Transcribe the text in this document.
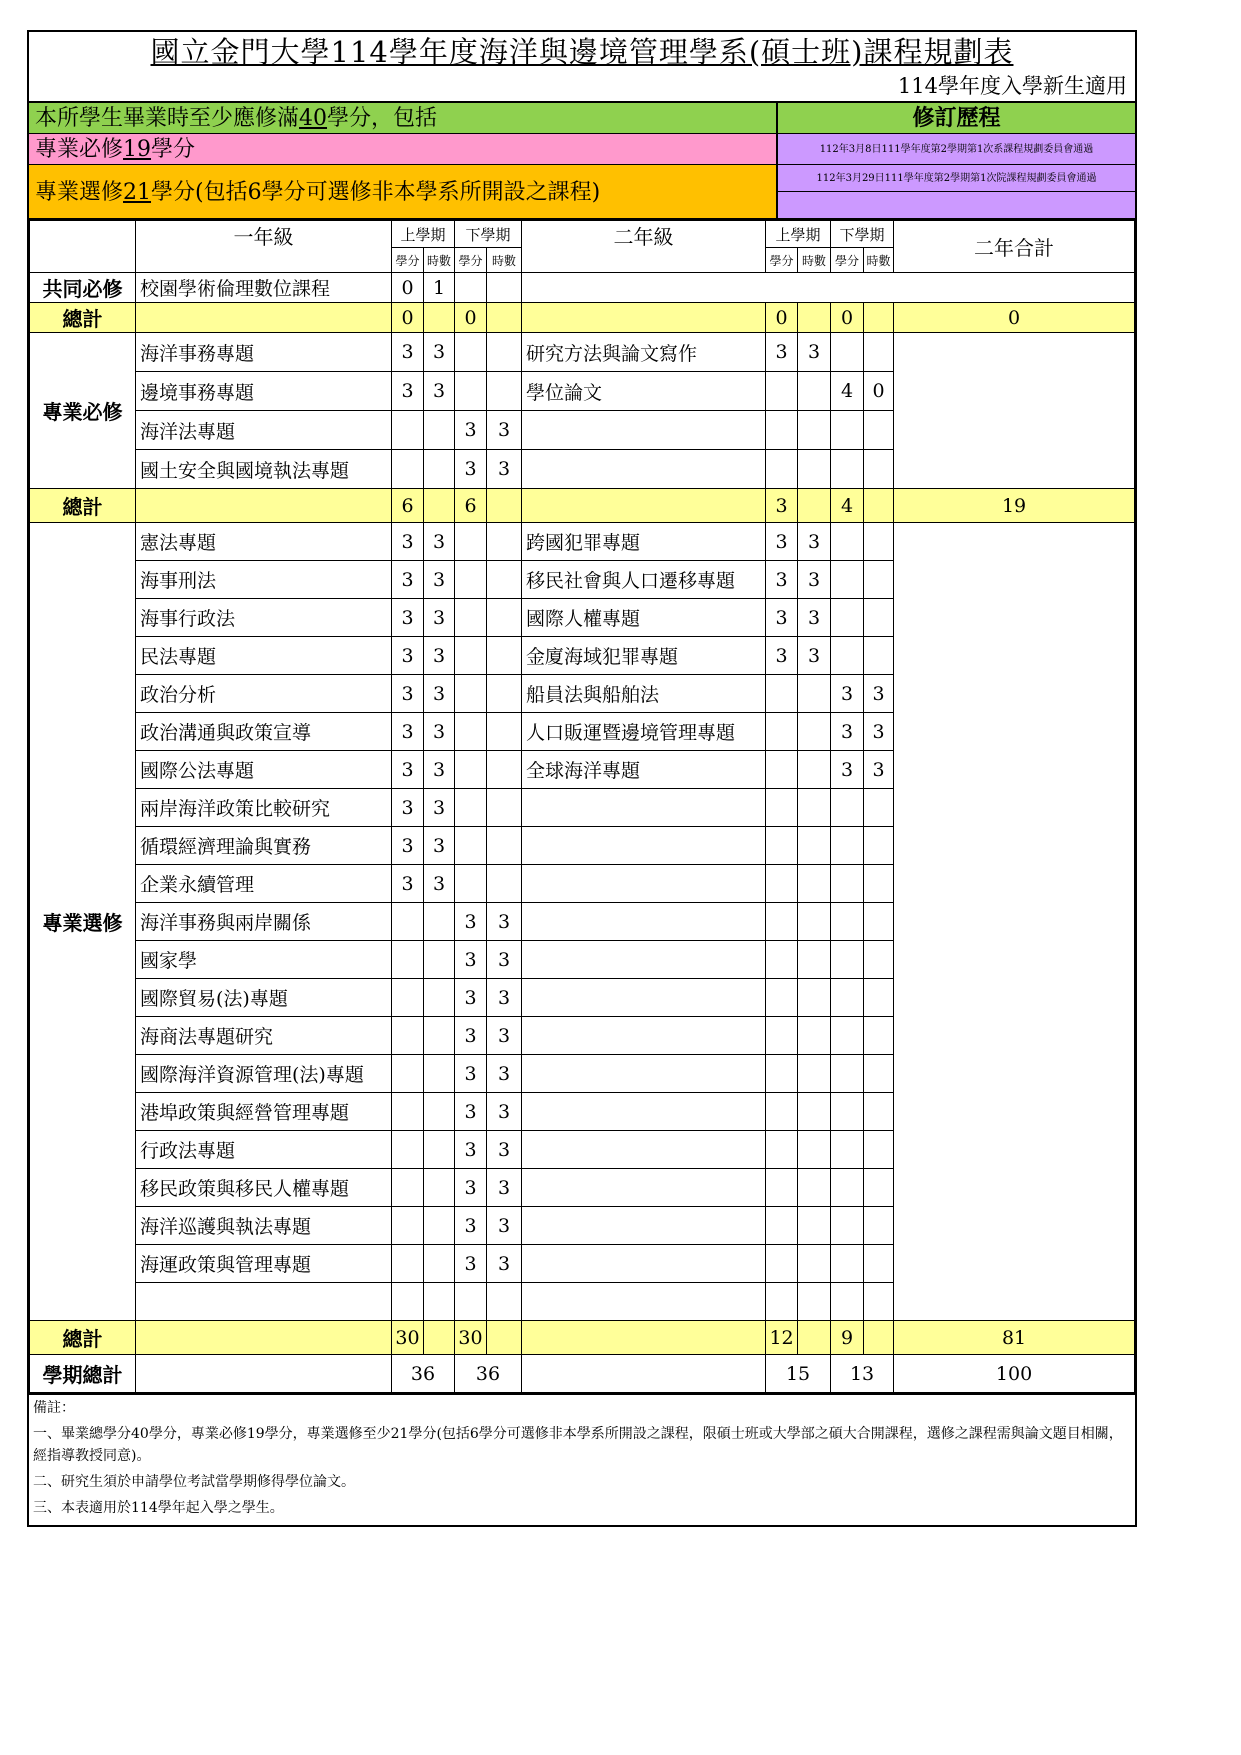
國立金門大學114學年度海洋與邊境管理學系(碩士班)課程規劃表
114學年度入學新生適用
本所學生畢業時至少應修滿40學分，包括	修訂歷程
專業必修19學分	112年3月8日111學年度第2學期第1次系課程規劃委員會通過
專業選修21學分(包括6學分可選修非本學系所開設之課程)
112年3月29日111學年度第2學期第1次院課程規劃委員會通過
	一年級	上學期		下學期		二年級	上學期		下學期		二年合計
		學分	時數	學分	時數		學分	時數	學分	時數	
共同必修	校園學術倫理數位課程	0	1								
總計		0		0			0		0		0
專業必修	海洋事務專題	3	3			研究方法與論文寫作	3	3			
	邊境事務專題	3	3			學位論文			4	0	
	海洋法專題			3	3						
	國土安全與國境執法專題			3	3						
總計		6		6			3		4		19
專業選修	憲法專題	3	3			跨國犯罪專題	3	3			
	海事刑法	3	3			移民社會與人口遷移專題	3	3			
	海事行政法	3	3			國際人權專題	3	3			
	民法專題	3	3			金廈海域犯罪專題	3	3			
	政治分析	3	3			船員法與船舶法			3	3	
	政治溝通與政策宣導	3	3			人口販運暨邊境管理專題			3	3	
	國際公法專題	3	3			全球海洋專題			3	3	
	兩岸海洋政策比較研究	3	3								
	循環經濟理論與實務	3	3								
	企業永續管理	3	3								
	海洋事務與兩岸關係			3	3						
	國家學			3	3						
	國際貿易(法)專題			3	3						
	海商法專題研究			3	3						
	國際海洋資源管理(法)專題			3	3						
	港埠政策與經營管理專題			3	3						
	行政法專題			3	3						
	移民政策與移民人權專題			3	3						
	海洋巡護與執法專題			3	3						
	海運政策與管理專題			3	3						

總計		30		30			12		9		81
學期總計		36		36			15		13		100
備註：
一、畢業總學分40學分，專業必修19學分，專業選修至少21學分(包括6學分可選修非本學系所開設之課程，限碩士班或大學部之碩大合開課程，選修之課程需與論文題目相關，經指導教授同意)。
二、研究生須於申請學位考試當學期修得學位論文。
三、本表適用於114學年起入學之學生。
